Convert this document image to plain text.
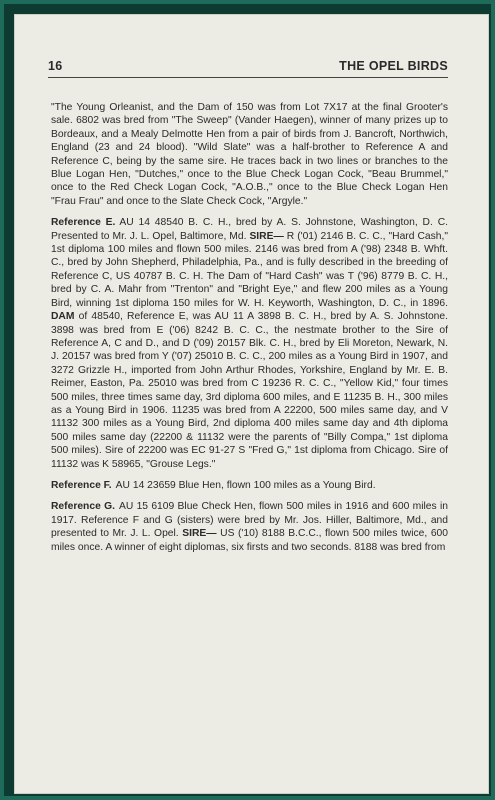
16	THE OPEL BIRDS

"The Young Orleanist, and the Dam of 150 was from Lot 7X17 at the final Grooter's sale. 6802 was bred from "The Sweep" (Vander Haegen), winner of many prizes up to Bordeaux, and a Mealy Delmotte Hen from a pair of birds from J. Bancroft, Northwich, England (23 and 24 blood). "Wild Slate" was a half-brother to Reference A and Reference C, being by the same sire. He traces back in two lines or branches to the Blue Logan Hen, "Dutches," once to the Blue Check Logan Cock, "Beau Brummel," once to the Red Check Logan Cock, "A.O.B.," once to the Blue Check Logan Hen "Frau Frau" and once to the Slate Check Cock, "Argyle."

Reference E. AU 14 48540 B. C. H., bred by A. S. Johnstone, Washington, D. C. Presented to Mr. J. L. Opel, Baltimore, Md. SIRE— R ('01) 2146 B. C. C., "Hard Cash," 1st diploma 100 miles and flown 500 miles. 2146 was bred from A ('98) 2348 B. Whft. C., bred by John Shepherd, Philadelphia, Pa., and is fully described in the breeding of Reference C, US 40787 B. C. H. The Dam of "Hard Cash" was T ('96) 8779 B. C. H., bred by C. A. Mahr from "Trenton" and "Bright Eye," and flew 200 miles as a Young Bird, winning 1st diploma 150 miles for W. H. Keyworth, Washington, D. C., in 1896. DAM of 48540, Reference E, was AU 11 A 3898 B. C. H., bred by A. S. Johnstone. 3898 was bred from E ('06) 8242 B. C. C., the nestmate brother to the Sire of Reference A, C and D., and D ('09) 20157 Blk. C. H., bred by Eli Moreton, Newark, N. J. 20157 was bred from Y ('07) 25010 B. C. C., 200 miles as a Young Bird in 1907, and 3272 Grizzle H., imported from John Arthur Rhodes, Yorkshire, England by Mr. E. B. Reimer, Easton, Pa. 25010 was bred from C 19236 R. C. C., "Yellow Kid," four times 500 miles, three times same day, 3rd diploma 600 miles, and E 11235 B. H., 300 miles as a Young Bird in 1906. 11235 was bred from A 22200, 500 miles same day, and V 11132 300 miles as a Young Bird, 2nd diploma 400 miles same day and 4th diploma 500 miles same day (22200 & 11132 were the parents of "Billy Compa," 1st diploma 500 miles). Sire of 22200 was EC 91-27 S "Fred G," 1st diploma from Chicago. Sire of 11132 was K 58965, "Grouse Legs."

Reference F. AU 14 23659 Blue Hen, flown 100 miles as a Young Bird.

Reference G. AU 15 6109 Blue Check Hen, flown 500 miles in 1916 and 600 miles in 1917. Reference F and G (sisters) were bred by Mr. Jos. Hiller, Baltimore, Md., and presented to Mr. J. L. Opel. SIRE— US ('10) 8188 B.C.C., flown 500 miles twice, 600 miles once. A winner of eight diplomas, six firsts and two seconds. 8188 was bred from
